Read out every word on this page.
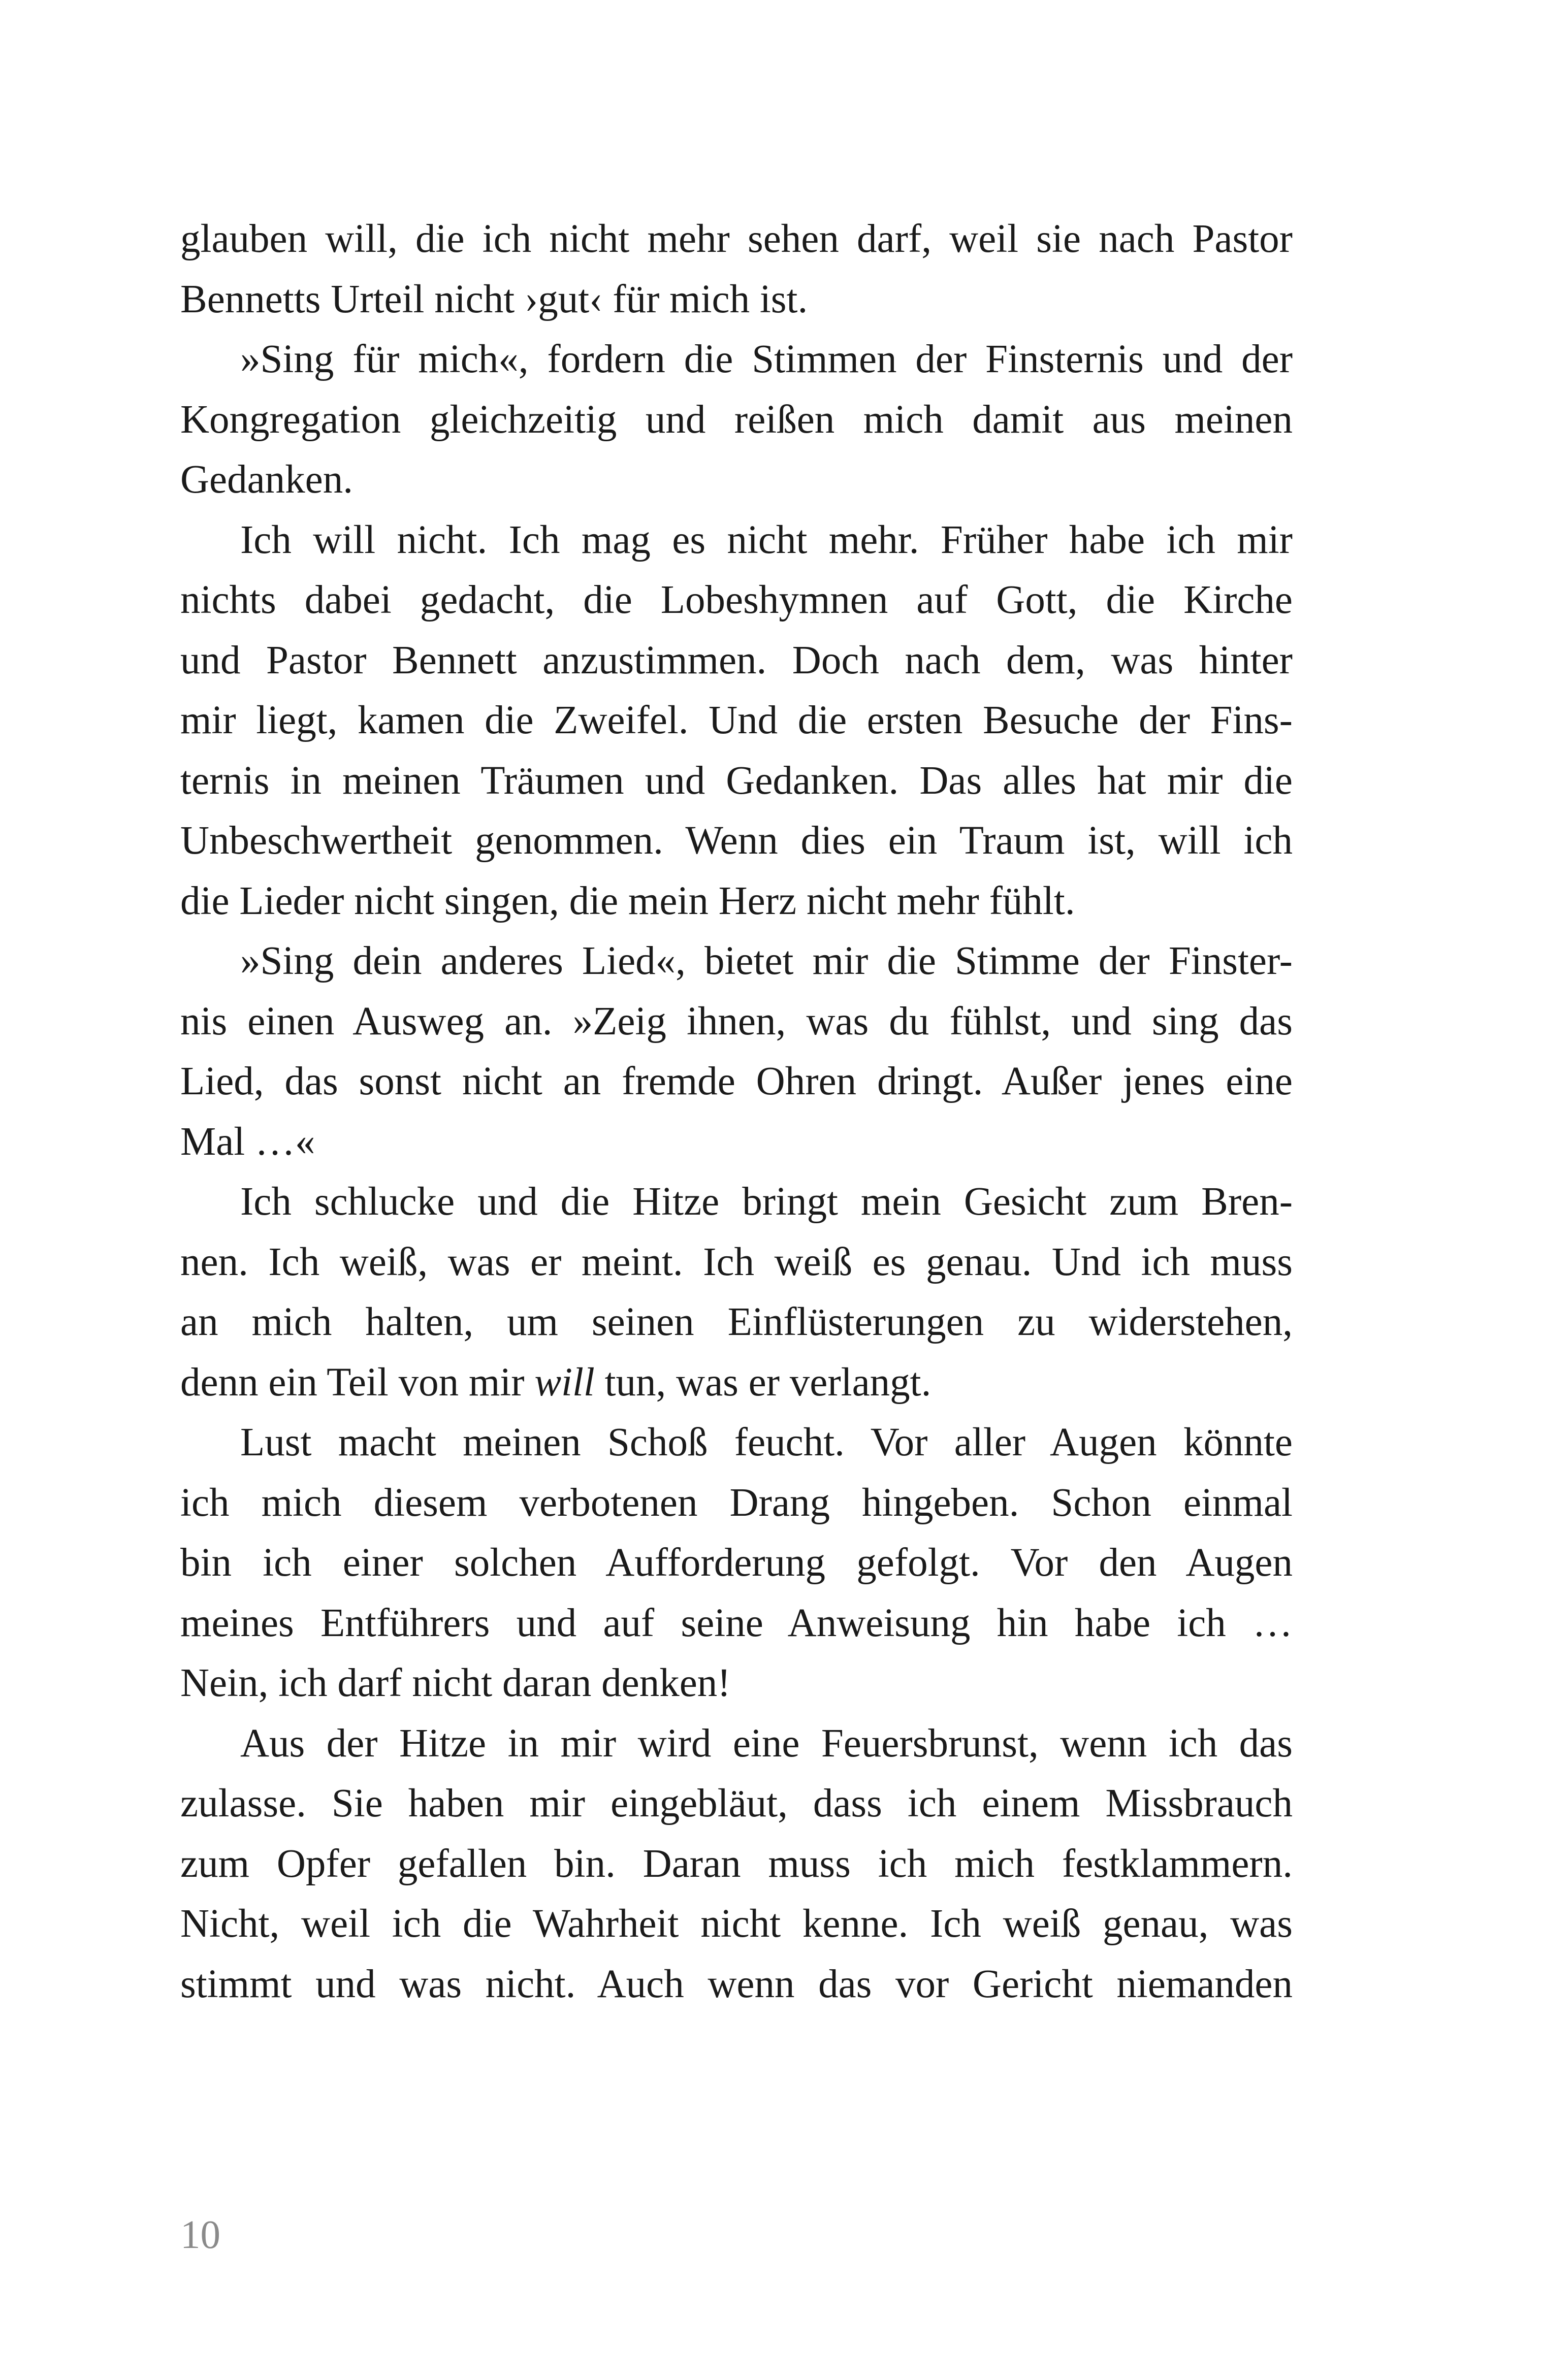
glauben will, die ich nicht mehr sehen darf, weil sie nach Pastor
Bennetts Urteil nicht ›gut‹ für mich ist.
»Sing für mich«, fordern die Stimmen der Finsternis und der
Kongregation gleichzeitig und reißen mich damit aus meinen
Gedanken.
Ich will nicht. Ich mag es nicht mehr. Früher habe ich mir
nichts dabei gedacht, die Lobeshymnen auf Gott, die Kirche
und Pastor Bennett anzustimmen. Doch nach dem, was hinter
mir liegt, kamen die Zweifel. Und die ersten Besuche der Fins-
ternis in meinen Träumen und Gedanken. Das alles hat mir die
Unbeschwertheit genommen. Wenn dies ein Traum ist, will ich
die Lieder nicht singen, die mein Herz nicht mehr fühlt.
»Sing dein anderes Lied«, bietet mir die Stimme der Finster-
nis einen Ausweg an. »Zeig ihnen, was du fühlst, und sing das
Lied, das sonst nicht an fremde Ohren dringt. Außer jenes eine
Mal …«
Ich schlucke und die Hitze bringt mein Gesicht zum Bren-
nen. Ich weiß, was er meint. Ich weiß es genau. Und ich muss
an mich halten, um seinen Einflüsterungen zu widerstehen,
denn ein Teil von mir will tun, was er verlangt.
Lust macht meinen Schoß feucht. Vor aller Augen könnte
ich mich diesem verbotenen Drang hingeben. Schon einmal
bin ich einer solchen Aufforderung gefolgt. Vor den Augen
meines Entführers und auf seine Anweisung hin habe ich …
Nein, ich darf nicht daran denken!
Aus der Hitze in mir wird eine Feuersbrunst, wenn ich das
zulasse. Sie haben mir eingebläut, dass ich einem Missbrauch
zum Opfer gefallen bin. Daran muss ich mich festklammern.
Nicht, weil ich die Wahrheit nicht kenne. Ich weiß genau, was
stimmt und was nicht. Auch wenn das vor Gericht niemanden
10
